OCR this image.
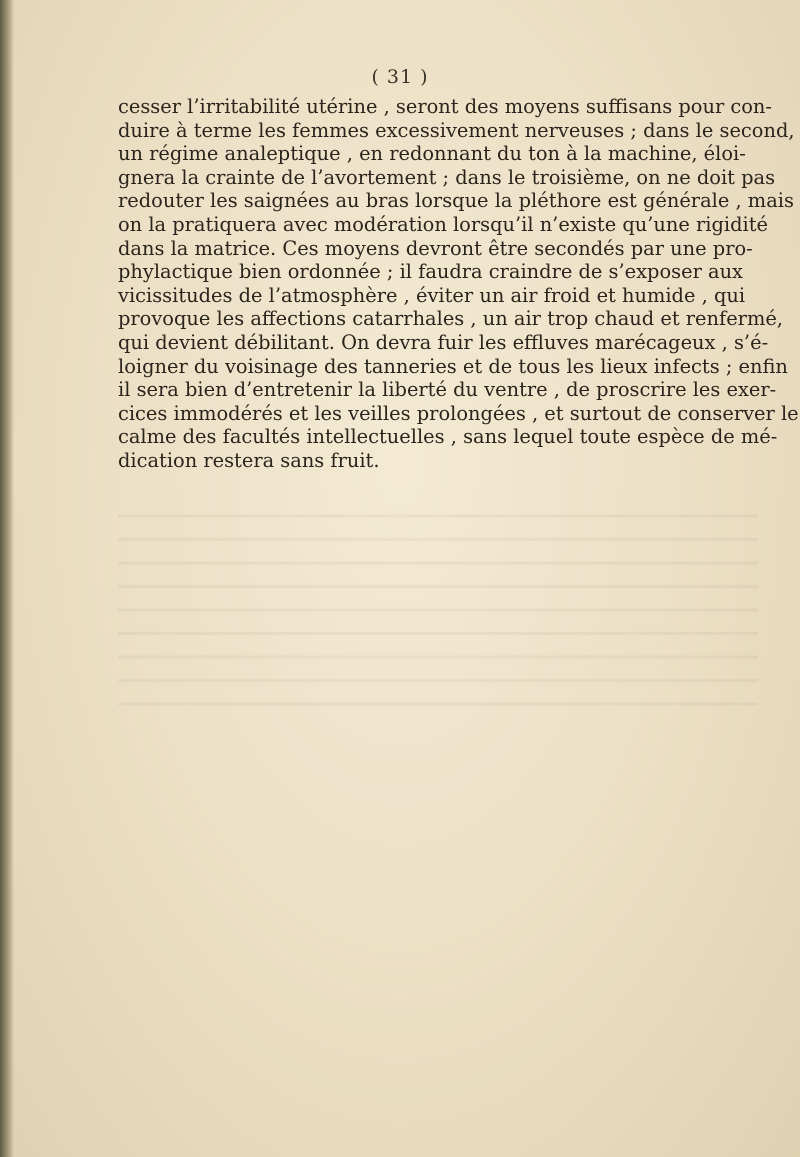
( 31 )
cesser l’irritabilité utérine , seront des moyens suffisans pour con-
duire à terme les femmes excessivement nerveuses ; dans le second,
un régime analeptique , en redonnant du ton à la machine, éloi-
gnera la crainte de l’avortement ; dans le troisième, on ne doit pas
redouter les saignées au bras lorsque la pléthore est générale , mais
on la pratiquera avec modération lorsqu’il n’existe qu’une rigidité
dans la matrice. Ces moyens devront être secondés par une pro-
phylactique bien ordonnée ; il faudra craindre de s’exposer aux
vicissitudes de l’atmosphère , éviter un air froid et humide , qui
provoque les affections catarrhales , un air trop chaud et renfermé,
qui devient débilitant. On devra fuir les effluves marécageux , s’é-
loigner du voisinage des tanneries et de tous les lieux infects ; enfin
il sera bien d’entretenir la liberté du ventre , de proscrire les exer-
cices immodérés et les veilles prolongées , et surtout de conserver le
calme des facultés intellectuelles , sans lequel toute espèce de mé-
dication restera sans fruit.
